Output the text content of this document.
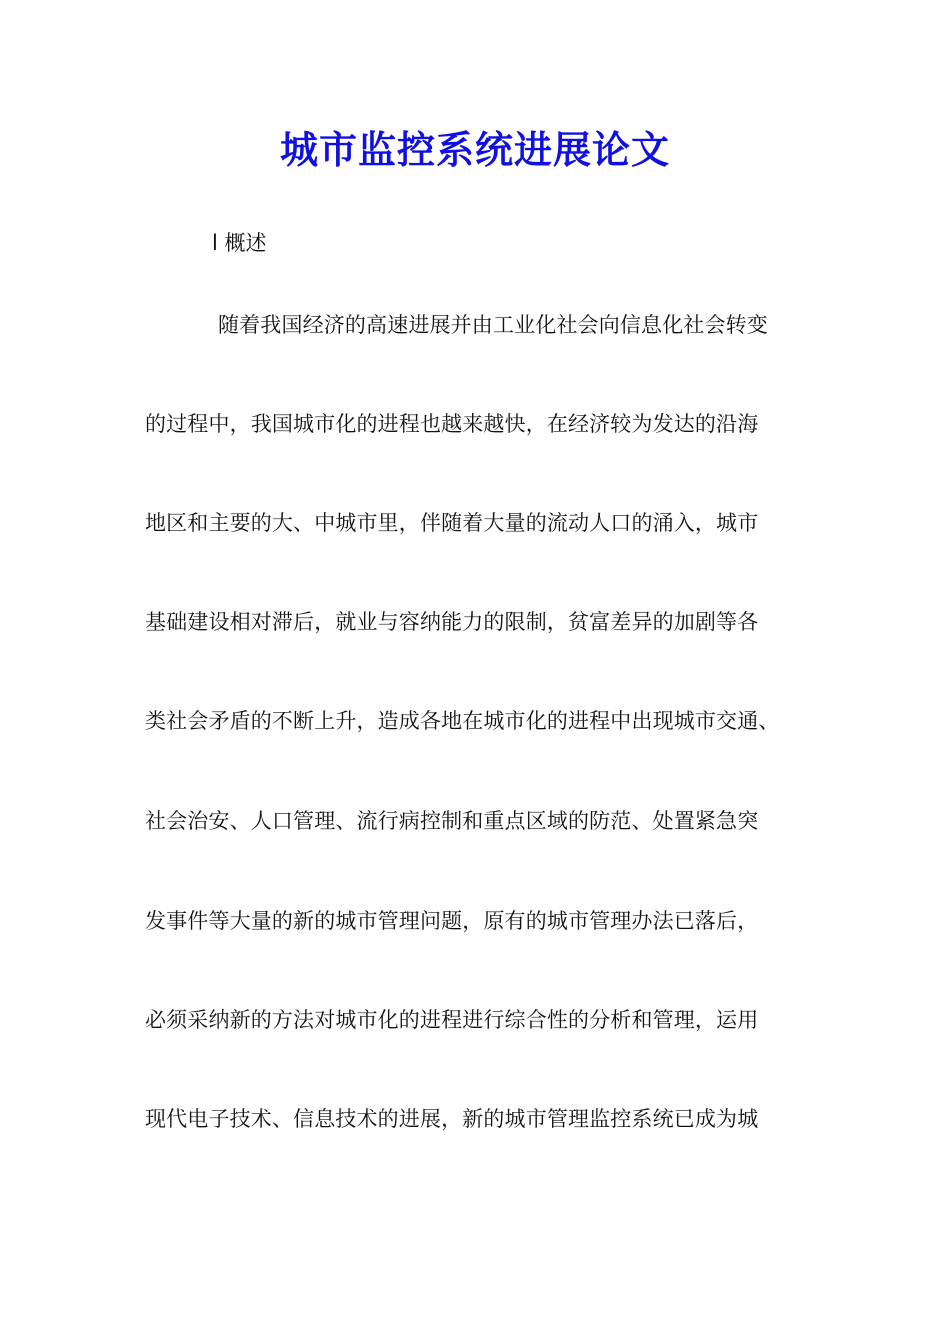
城市监控系统进展论文

l 概述

随着我国经济的高速进展并由工业化社会向信息化社会转变

的过程中，我国城市化的进程也越来越快，在经济较为发达的沿海

地区和主要的大、中城市里，伴随着大量的流动人口的涌入，城市

基础建设相对滞后，就业与容纳能力的限制，贫富差异的加剧等各

类社会矛盾的不断上升，造成各地在城市化的进程中出现城市交通、

社会治安、人口管理、流行病控制和重点区域的防范、处置紧急突

发事件等大量的新的城市管理问题，原有的城市管理办法已落后，

必须采纳新的方法对城市化的进程进行综合性的分析和管理，运用

现代电子技术、信息技术的进展，新的城市管理监控系统已成为城
